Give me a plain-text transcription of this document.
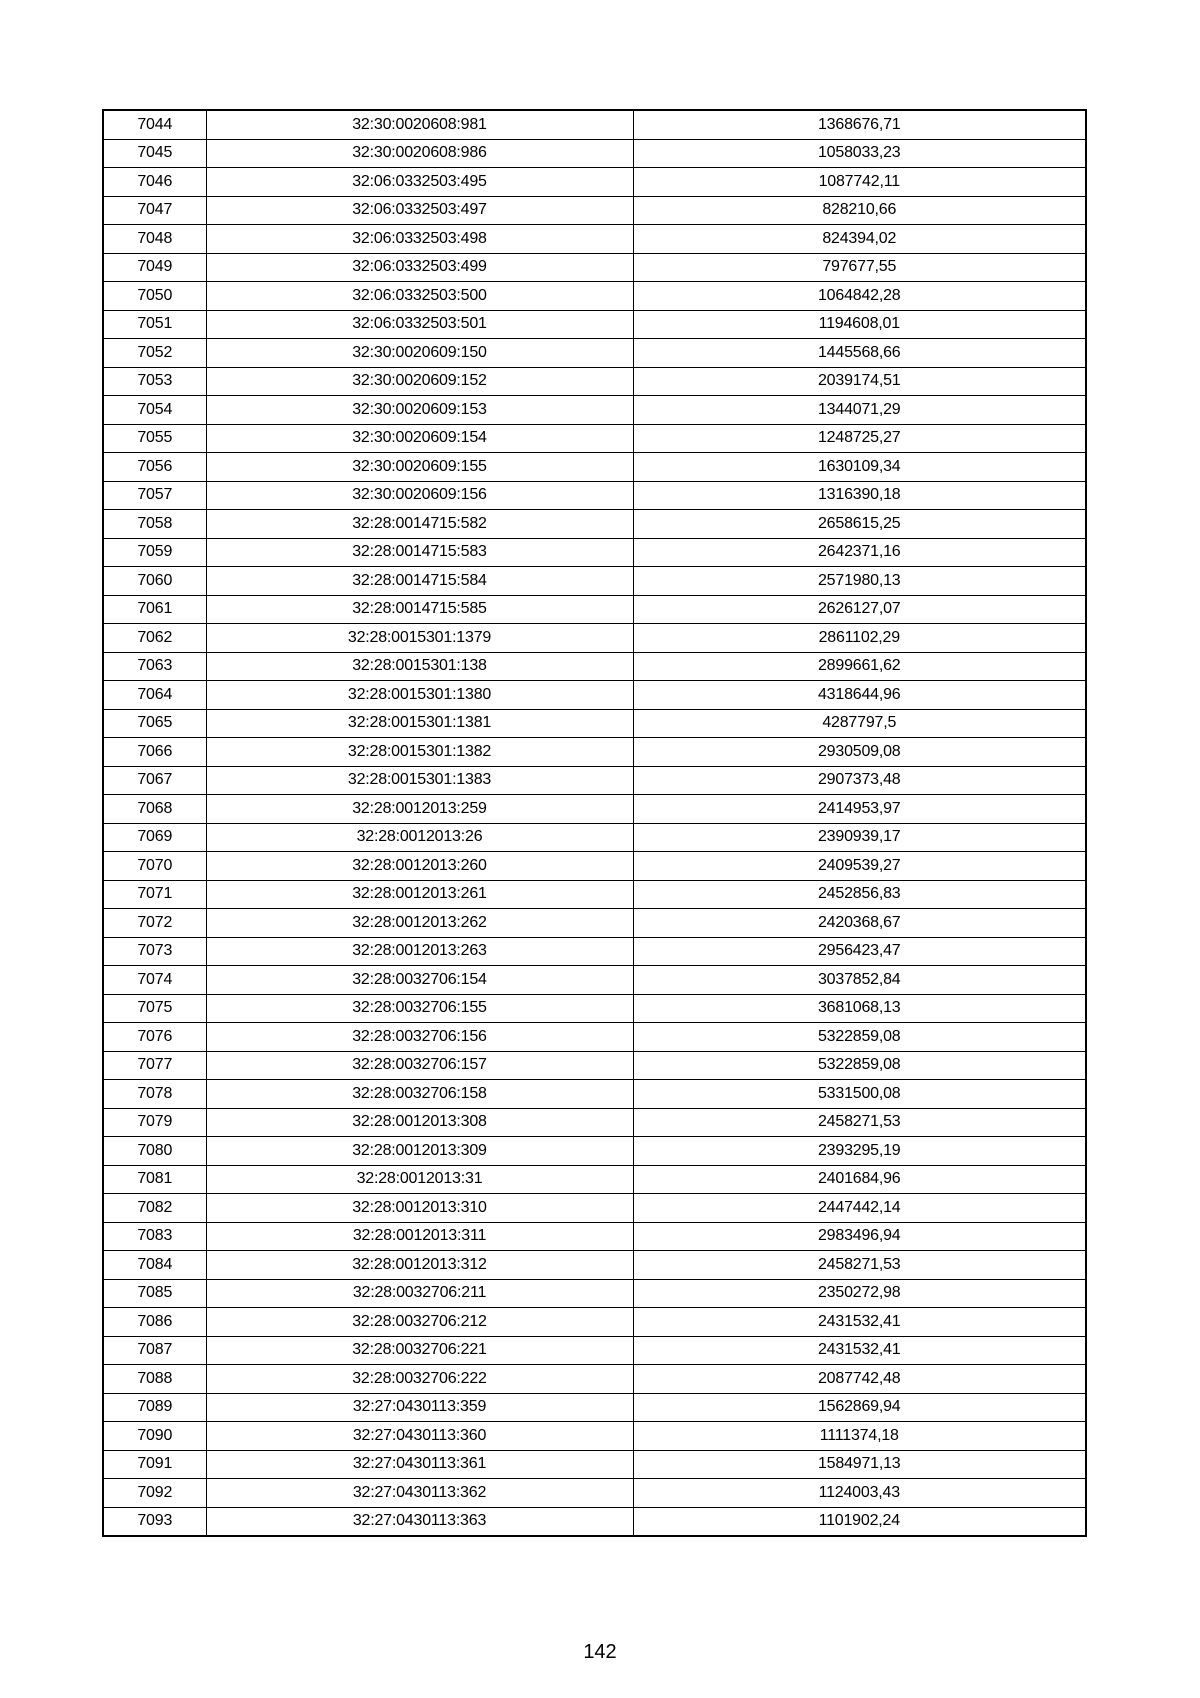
7044	32:30:0020608:981	1368676,71
7045	32:30:0020608:986	1058033,23
7046	32:06:0332503:495	1087742,11
7047	32:06:0332503:497	828210,66
7048	32:06:0332503:498	824394,02
7049	32:06:0332503:499	797677,55
7050	32:06:0332503:500	1064842,28
7051	32:06:0332503:501	1194608,01
7052	32:30:0020609:150	1445568,66
7053	32:30:0020609:152	2039174,51
7054	32:30:0020609:153	1344071,29
7055	32:30:0020609:154	1248725,27
7056	32:30:0020609:155	1630109,34
7057	32:30:0020609:156	1316390,18
7058	32:28:0014715:582	2658615,25
7059	32:28:0014715:583	2642371,16
7060	32:28:0014715:584	2571980,13
7061	32:28:0014715:585	2626127,07
7062	32:28:0015301:1379	2861102,29
7063	32:28:0015301:138	2899661,62
7064	32:28:0015301:1380	4318644,96
7065	32:28:0015301:1381	4287797,5
7066	32:28:0015301:1382	2930509,08
7067	32:28:0015301:1383	2907373,48
7068	32:28:0012013:259	2414953,97
7069	32:28:0012013:26	2390939,17
7070	32:28:0012013:260	2409539,27
7071	32:28:0012013:261	2452856,83
7072	32:28:0012013:262	2420368,67
7073	32:28:0012013:263	2956423,47
7074	32:28:0032706:154	3037852,84
7075	32:28:0032706:155	3681068,13
7076	32:28:0032706:156	5322859,08
7077	32:28:0032706:157	5322859,08
7078	32:28:0032706:158	5331500,08
7079	32:28:0012013:308	2458271,53
7080	32:28:0012013:309	2393295,19
7081	32:28:0012013:31	2401684,96
7082	32:28:0012013:310	2447442,14
7083	32:28:0012013:311	2983496,94
7084	32:28:0012013:312	2458271,53
7085	32:28:0032706:211	2350272,98
7086	32:28:0032706:212	2431532,41
7087	32:28:0032706:221	2431532,41
7088	32:28:0032706:222	2087742,48
7089	32:27:0430113:359	1562869,94
7090	32:27:0430113:360	1111374,18
7091	32:27:0430113:361	1584971,13
7092	32:27:0430113:362	1124003,43
7093	32:27:0430113:363	1101902,24
142
